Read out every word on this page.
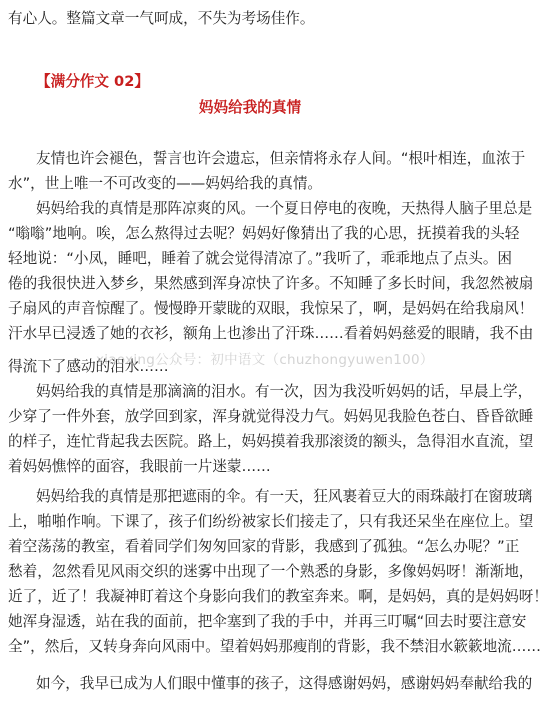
有心人。整篇文章一气呵成，不失为考场佳作。
【满分作文 02】
妈妈给我的真情
友情也许会褪色，誓言也许会遗忘，但亲情将永存人间。“根叶相连，血浓于
水”，世上唯一不可改变的——妈妈给我的真情。
妈妈给我的真情是那阵凉爽的风。一个夏日停电的夜晚，天热得人脑子里总是
“嗡嗡”地响。唉，怎么熬得过去呢？妈妈好像猜出了我的心思，抚摸着我的头轻
轻地说：“小凤，睡吧，睡着了就会觉得清凉了。”我听了，乖乖地点了点头。困
倦的我很快进入梦乡，果然感到浑身凉快了许多。不知睡了多长时间，我忽然被扇
子扇风的声音惊醒了。慢慢睁开蒙眬的双眼，我惊呆了，啊，是妈妈在给我扇风！
汗水早已浸透了她的衣衫，额角上也渗出了汗珠……看着妈妈慈爱的眼睛，我不由
得流下了感动的泪水……
妈妈给我的真情是那滴滴的泪水。有一次，因为我没听妈妈的话，早晨上学，
少穿了一件外套，放学回到家，浑身就觉得没力气。妈妈见我脸色苍白、昏昏欲睡
的样子，连忙背起我去医院。路上，妈妈摸着我那滚烫的额头，急得泪水直流，望
着妈妈憔悴的面容，我眼前一片迷蒙……
妈妈给我的真情是那把遮雨的伞。有一天，狂风裹着豆大的雨珠敲打在窗玻璃
上，啪啪作响。下课了，孩子们纷纷被家长们接走了，只有我还呆坐在座位上。望
着空荡荡的教室，看着同学们匆匆回家的背影，我感到了孤独。“怎么办呢？”正
愁着，忽然看见风雨交织的迷雾中出现了一个熟悉的身影，多像妈妈呀！渐渐地，
近了，近了！我凝神盯着这个身影向我们的教室奔来。啊，是妈妈，真的是妈妈呀！
她浑身湿透，站在我的面前，把伞塞到了我的手中，并再三叮嘱“回去时要注意安
全”，然后，又转身奔向风雨中。望着妈妈那瘦削的背影，我不禁泪水簌簌地流……
如今，我早已成为人们眼中懂事的孩子，这得感谢妈妈，感谢妈妈奉献给我的
xiaoxing公众号：初中语文（chuzhongyuwen100）
